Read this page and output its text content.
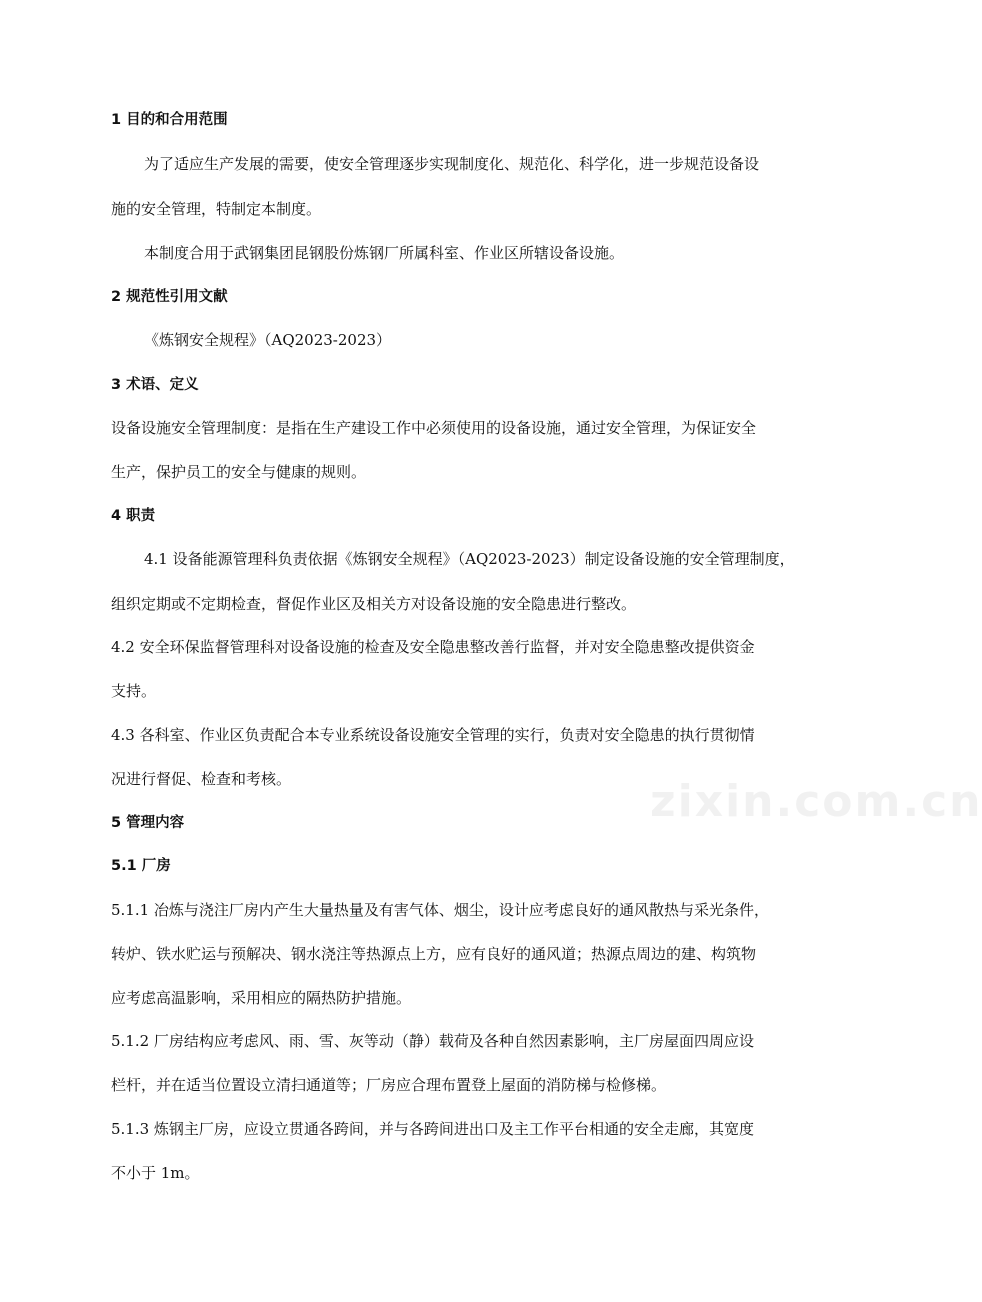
1 目的和合用范围
为了适应生产发展的需要，使安全管理逐步实现制度化、规范化、科学化，进一步规范设备设
施的安全管理，特制定本制度。
本制度合用于武钢集团昆钢股份炼钢厂所属科室、作业区所辖设备设施。
2 规范性引用文献
《炼钢安全规程》（AQ2023-2023）
3 术语、定义
设备设施安全管理制度：是指在生产建设工作中必须使用的设备设施，通过安全管理，为保证安全
生产，保护员工的安全与健康的规则。
4 职责
4.1 设备能源管理科负责依据《炼钢安全规程》（AQ2023-2023）制定设备设施的安全管理制度，
组织定期或不定期检查，督促作业区及相关方对设备设施的安全隐患进行整改。
4.2 安全环保监督管理科对设备设施的检查及安全隐患整改善行监督，并对安全隐患整改提供资金
支持。
4.3 各科室、作业区负责配合本专业系统设备设施安全管理的实行，负责对安全隐患的执行贯彻情
况进行督促、检查和考核。
5 管理内容
5.1 厂房
5.1.1 冶炼与浇注厂房内产生大量热量及有害气体、烟尘，设计应考虑良好的通风散热与采光条件，
转炉、铁水贮运与预解决、钢水浇注等热源点上方，应有良好的通风道；热源点周边的建、构筑物
应考虑高温影响，采用相应的隔热防护措施。
5.1.2 厂房结构应考虑风、雨、雪、灰等动（静）载荷及各种自然因素影响，主厂房屋面四周应设
栏杆，并在适当位置设立清扫通道等；厂房应合理布置登上屋面的消防梯与检修梯。
5.1.3 炼钢主厂房，应设立贯通各跨间，并与各跨间进出口及主工作平台相通的安全走廊，其宽度
不小于 1m。
zixin.com.cn
